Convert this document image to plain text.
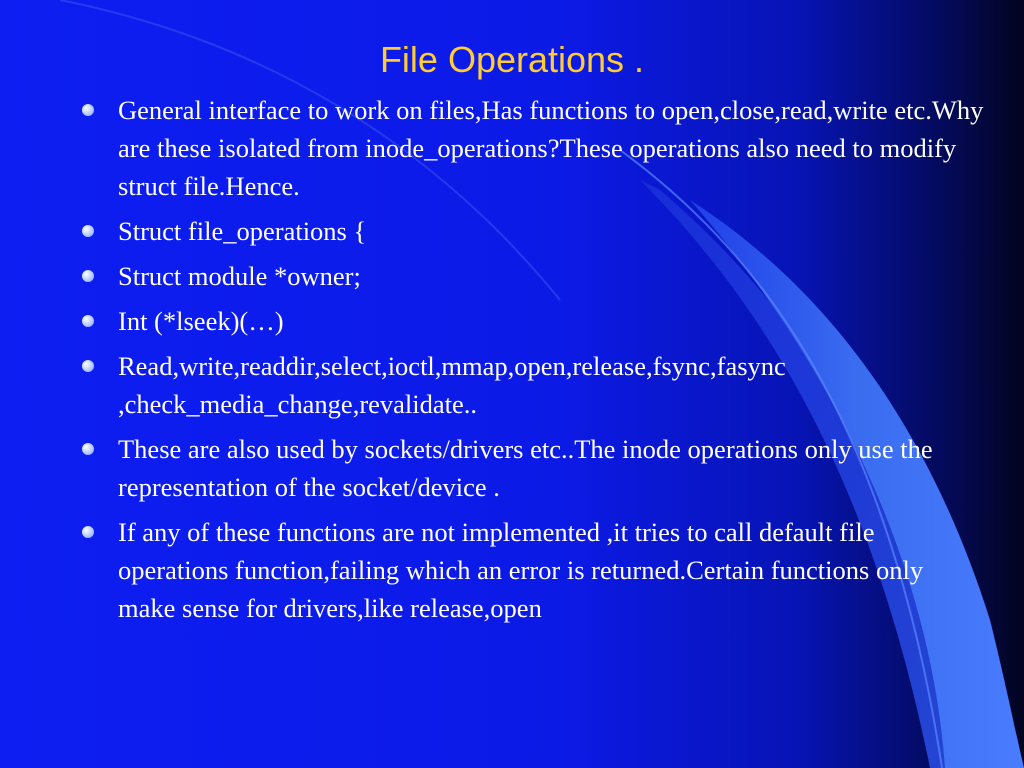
File Operations .
General interface to work on files,Has functions to open,close,read,write etc.Why are these isolated from inode_operations?These operations also need to modify struct file.Hence.
Struct file_operations {
Struct module *owner;
Int (*lseek)(…)
Read,write,readdir,select,ioctl,mmap,open,release,fsync,fasync ,check_media_change,revalidate..
These are also used by sockets/drivers etc..The inode operations only use the representation of the socket/device .
If any of these functions are not implemented ,it tries to call default file operations function,failing which an error is returned.Certain functions only make sense for drivers,like release,open
